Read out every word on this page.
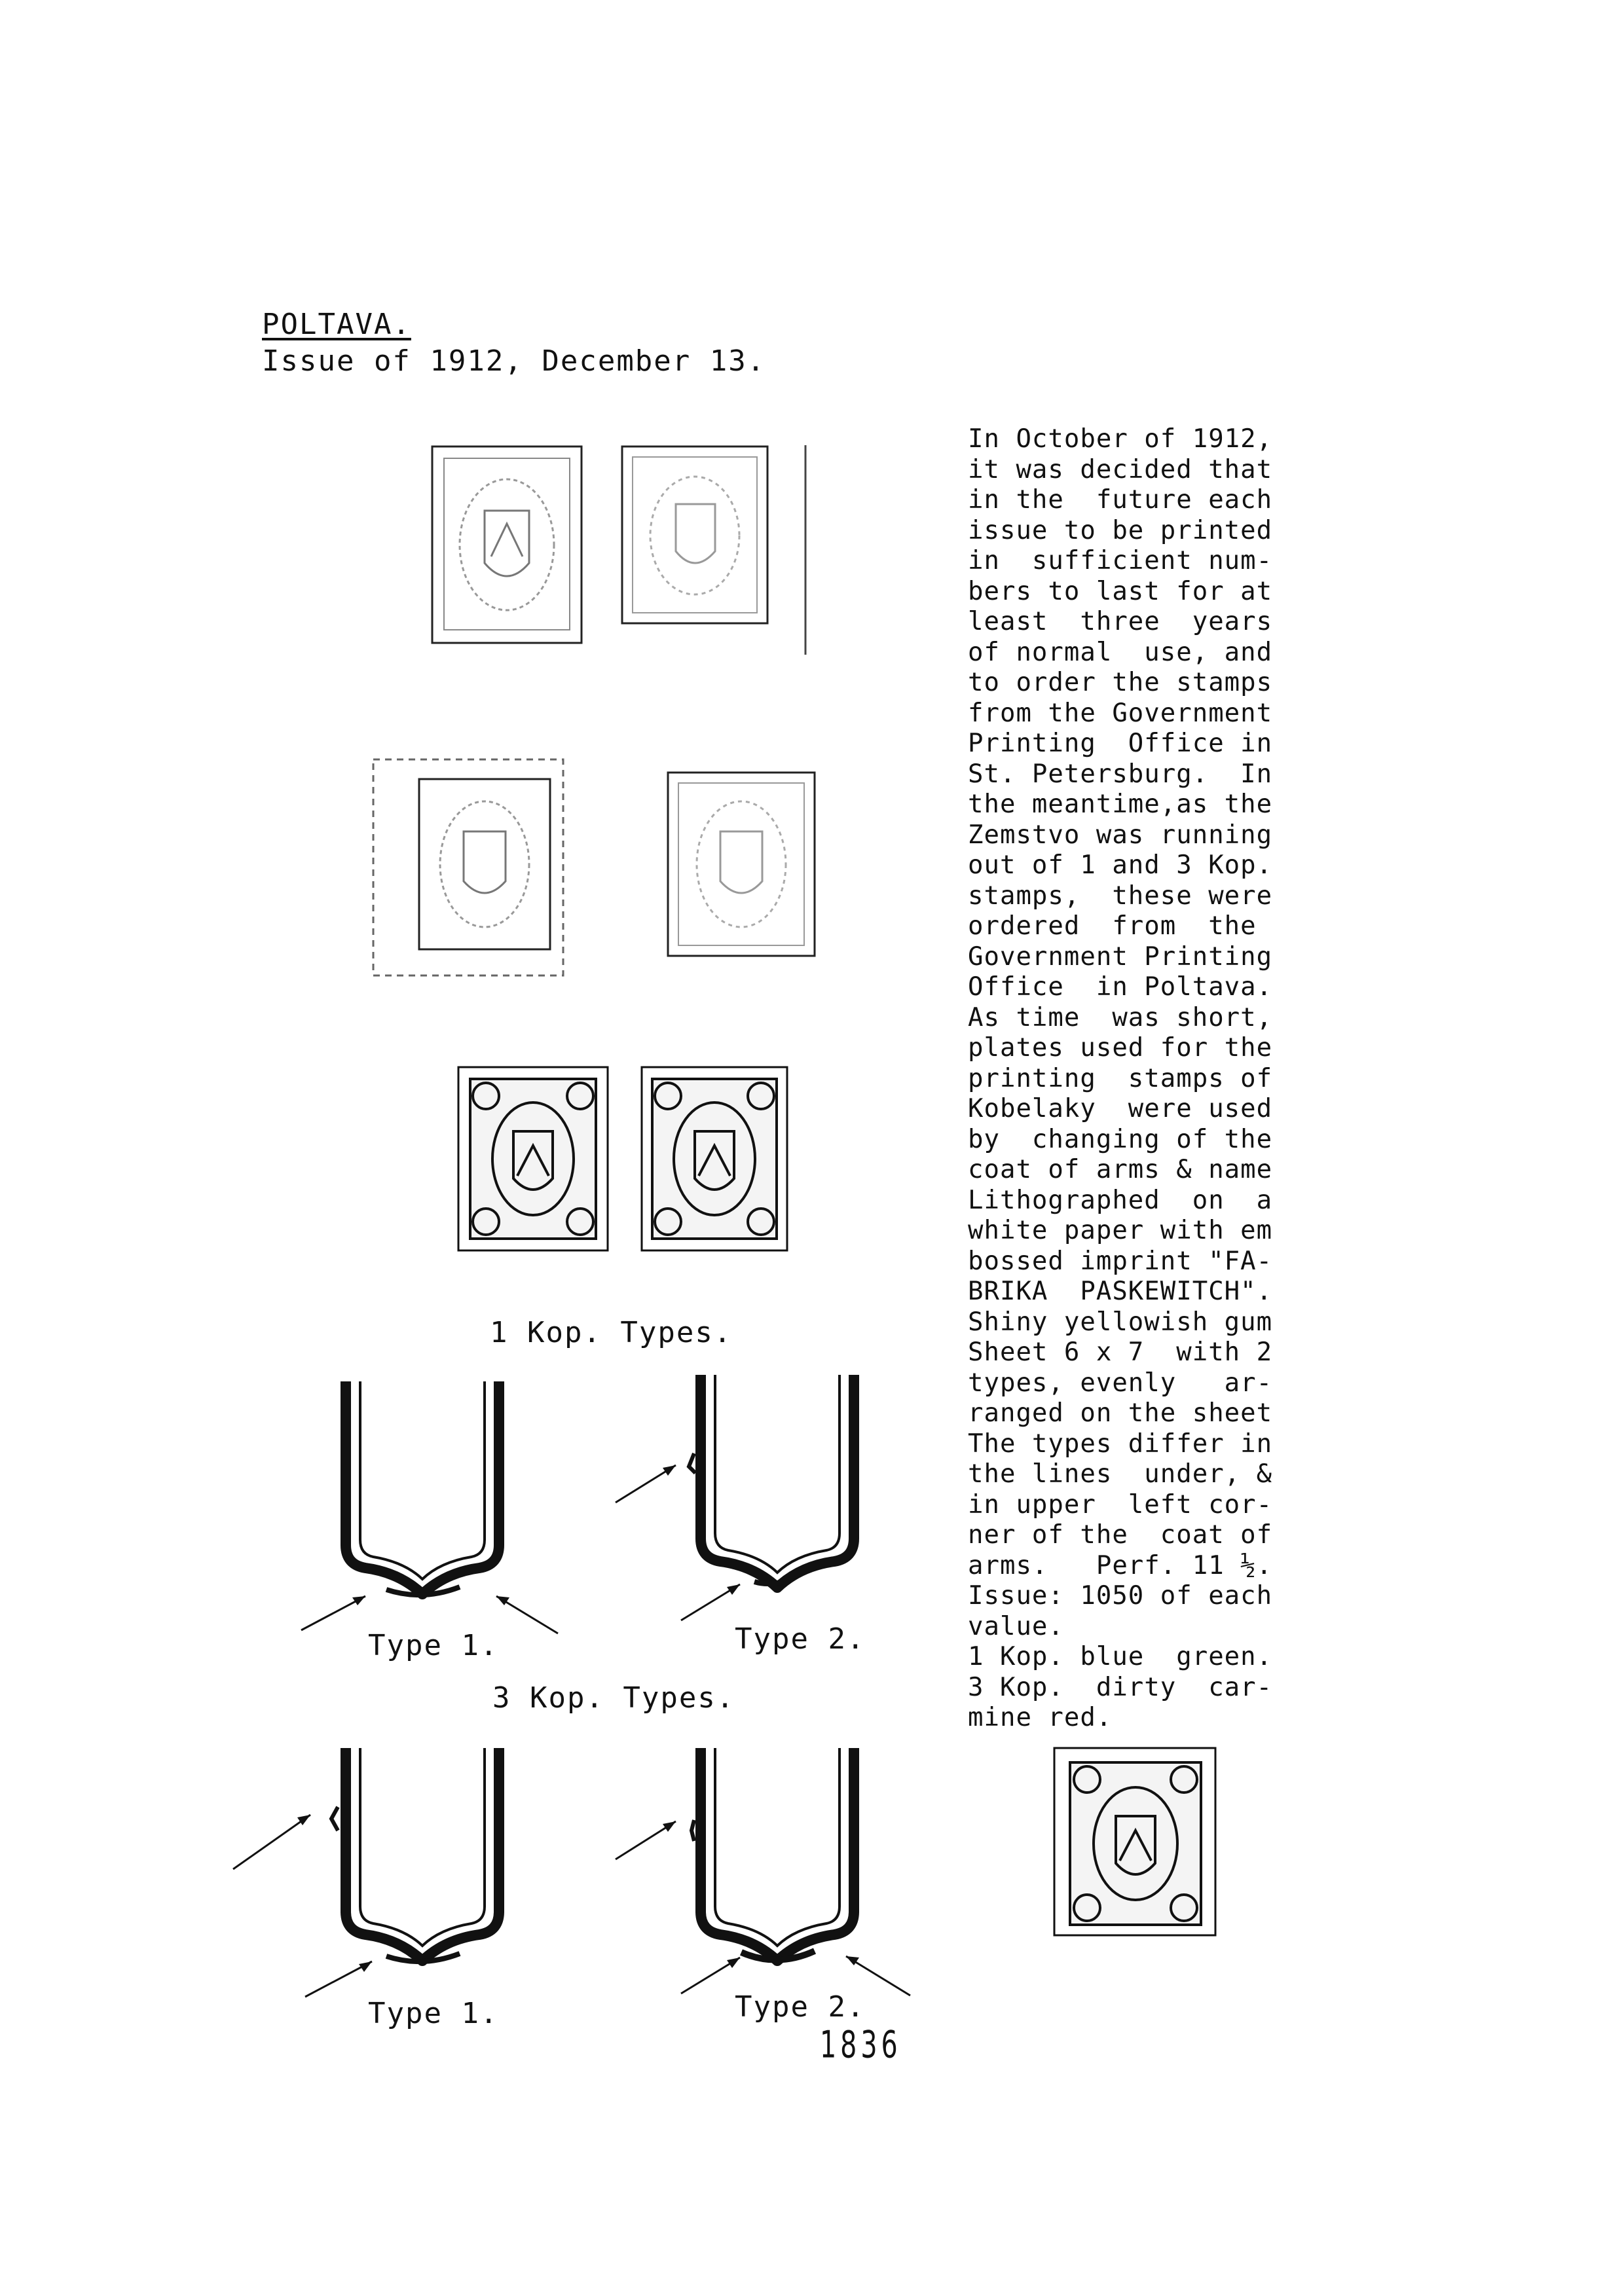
POLTAVA.
Issue of 1912, December 13.
In October of 1912,
it was decided that
in the  future each
issue to be printed
in  sufficient num-
bers to last for at
least  three  years
of normal  use, and
to order the stamps
from the Government
Printing  Office in
St. Petersburg.  In
the meantime,as the
Zemstvo was running
out of 1 and 3 Kop.
stamps,  these were
ordered  from  the
Government Printing
Office  in Poltava.
As time  was short,
plates used for the
printing  stamps of
Kobelaky  were used
by  changing of the
coat of arms & name
Lithographed  on  a
white paper with em
bossed imprint "FA-
BRIKA  PASKEWITCH".
Shiny yellowish gum
Sheet 6 x 7  with 2
types, evenly   ar-
ranged on the sheet
The types differ in
the lines  under, &
in upper  left cor-
ner of the  coat of
arms.   Perf. 11 ½.
Issue: 1050 of each
value.
1 Kop. blue  green.
3 Kop.  dirty  car-
mine red.
1 Kop. Types.
Type 1.	Type 2.
3 Kop. Types.
Type 1.	Type 2.
1836
